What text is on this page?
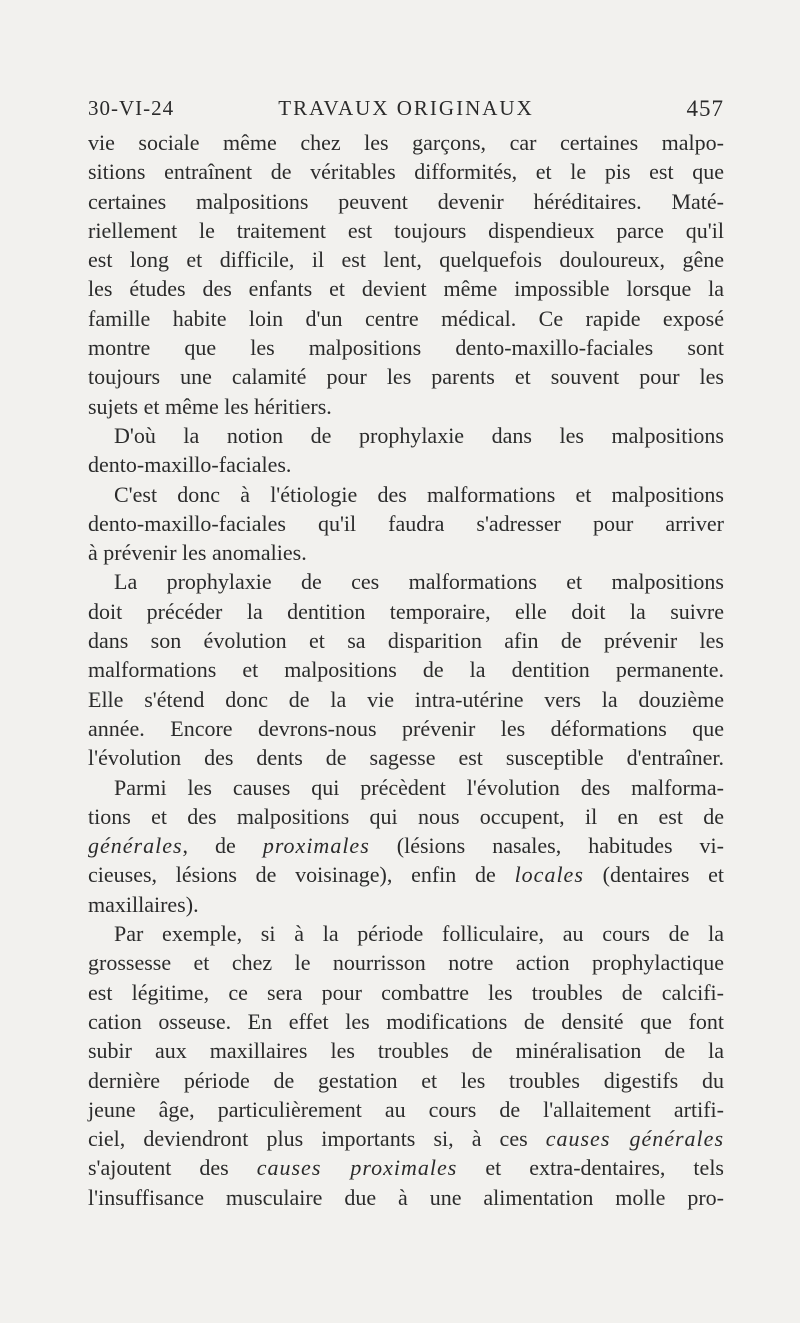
30-VI-24	TRAVAUX ORIGINAUX	457
vie sociale même chez les garçons, car certaines malpo-
sitions entraînent de véritables difformités, et le pis est que
certaines malpositions peuvent devenir héréditaires. Maté-
riellement le traitement est toujours dispendieux parce qu'il
est long et difficile, il est lent, quelquefois douloureux, gêne
les études des enfants et devient même impossible lorsque la
famille habite loin d'un centre médical. Ce rapide exposé
montre que les malpositions dento-maxillo-faciales sont
toujours une calamité pour les parents et souvent pour les
sujets et même les héritiers.
D'où la notion de prophylaxie dans les malpositions
dento-maxillo-faciales.
C'est donc à l'étiologie des malformations et malpositions
dento-maxillo-faciales qu'il faudra s'adresser pour arriver
à prévenir les anomalies.
La prophylaxie de ces malformations et malpositions
doit précéder la dentition temporaire, elle doit la suivre
dans son évolution et sa disparition afin de prévenir les
malformations et malpositions de la dentition permanente.
Elle s'étend donc de la vie intra-utérine vers la douzième
année. Encore devrons-nous prévenir les déformations que
l'évolution des dents de sagesse est susceptible d'entraîner.
Parmi les causes qui précèdent l'évolution des malforma-
tions et des malpositions qui nous occupent, il en est de
générales, de proximales (lésions nasales, habitudes vi-
cieuses, lésions de voisinage), enfin de locales (dentaires et
maxillaires).
Par exemple, si à la période folliculaire, au cours de la
grossesse et chez le nourrisson notre action prophylactique
est légitime, ce sera pour combattre les troubles de calcifi-
cation osseuse. En effet les modifications de densité que font
subir aux maxillaires les troubles de minéralisation de la
dernière période de gestation et les troubles digestifs du
jeune âge, particulièrement au cours de l'allaitement artifi-
ciel, deviendront plus importants si, à ces causes générales
s'ajoutent des causes proximales et extra-dentaires, tels
l'insuffisance musculaire due à une alimentation molle pro-
